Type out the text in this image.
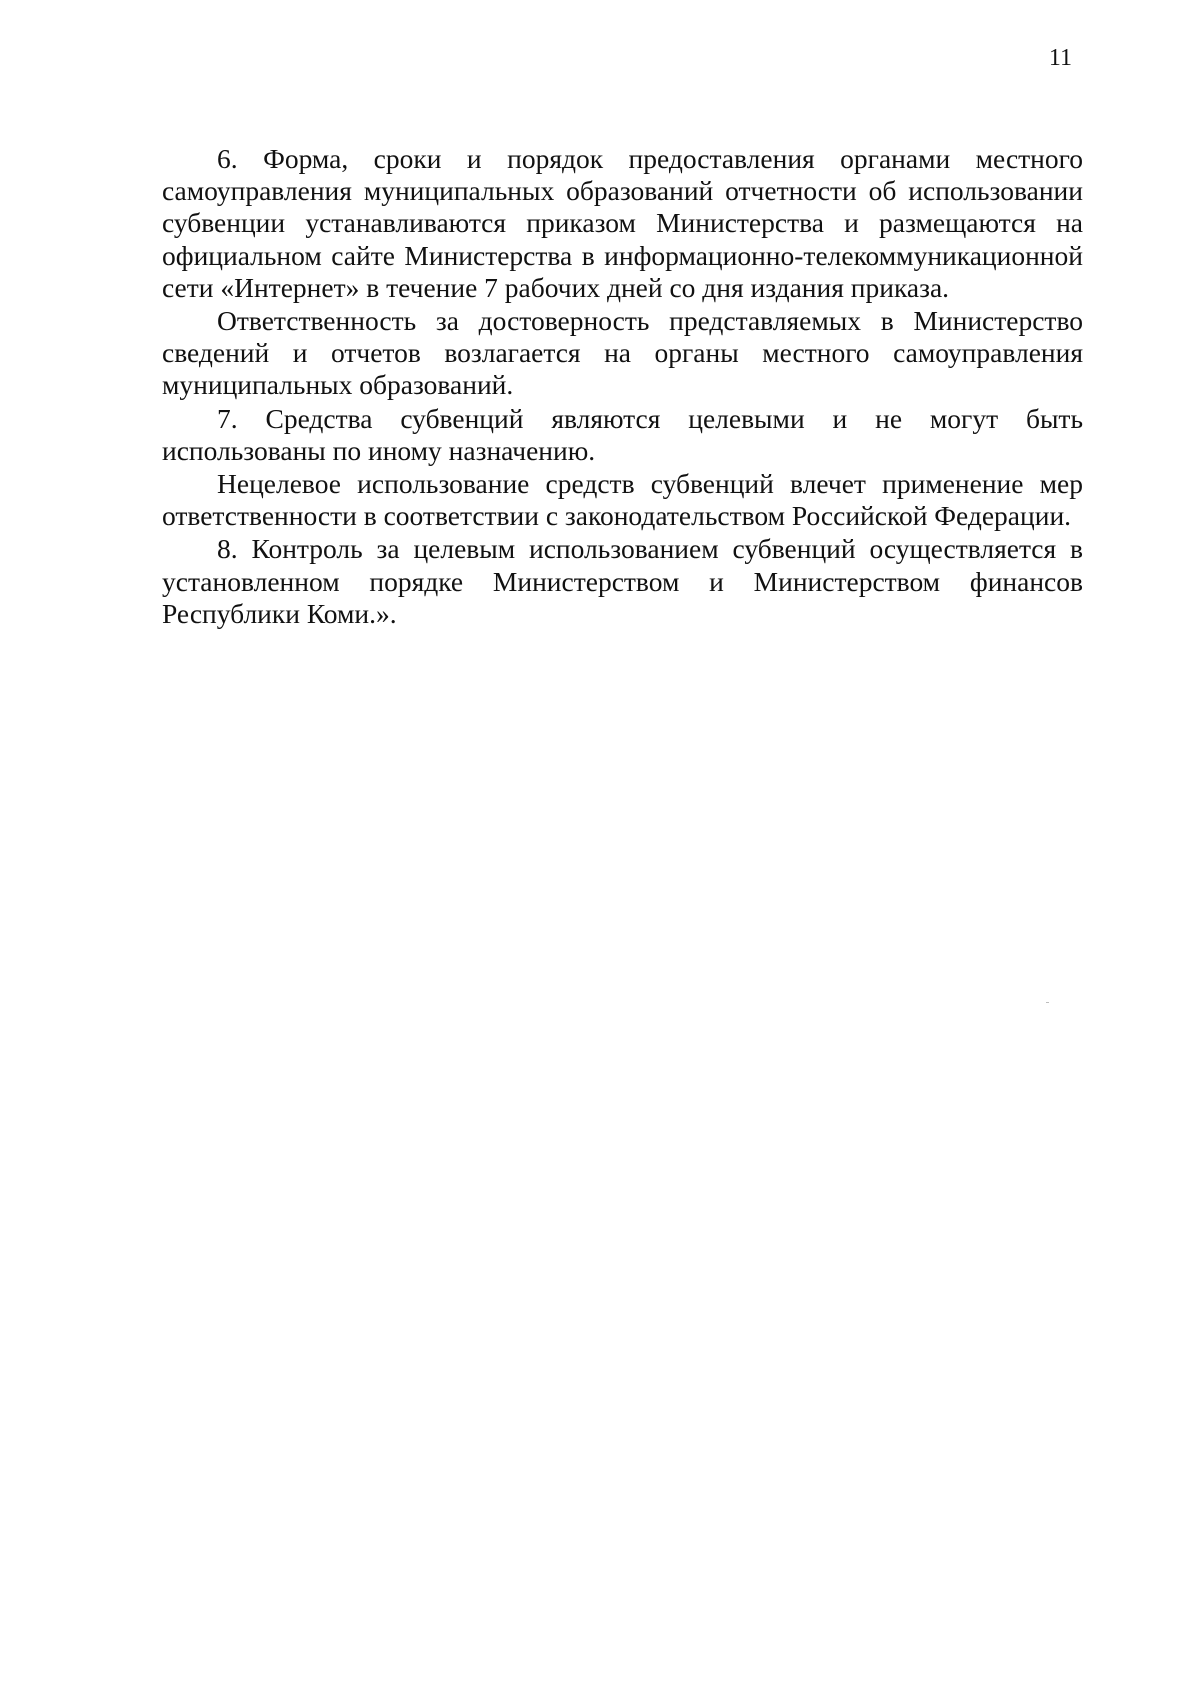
11

6. Форма, сроки и порядок предоставления органами местного самоуправления муниципальных образований отчетности об использовании субвенции устанавливаются приказом Министерства и размещаются на официальном сайте Министерства в информационно-телекоммуникационной сети «Интернет» в течение 7 рабочих дней со дня издания приказа.

Ответственность за достоверность представляемых в Министерство сведений и отчетов возлагается на органы местного самоуправления муниципальных образований.

7. Средства субвенций являются целевыми и не могут быть использованы по иному назначению.

Нецелевое использование средств субвенций влечет применение мер ответственности в соответствии с законодательством Российской Федерации.

8. Контроль за целевым использованием субвенций осуществляется в установленном порядке Министерством и Министерством финансов Республики Коми.».
